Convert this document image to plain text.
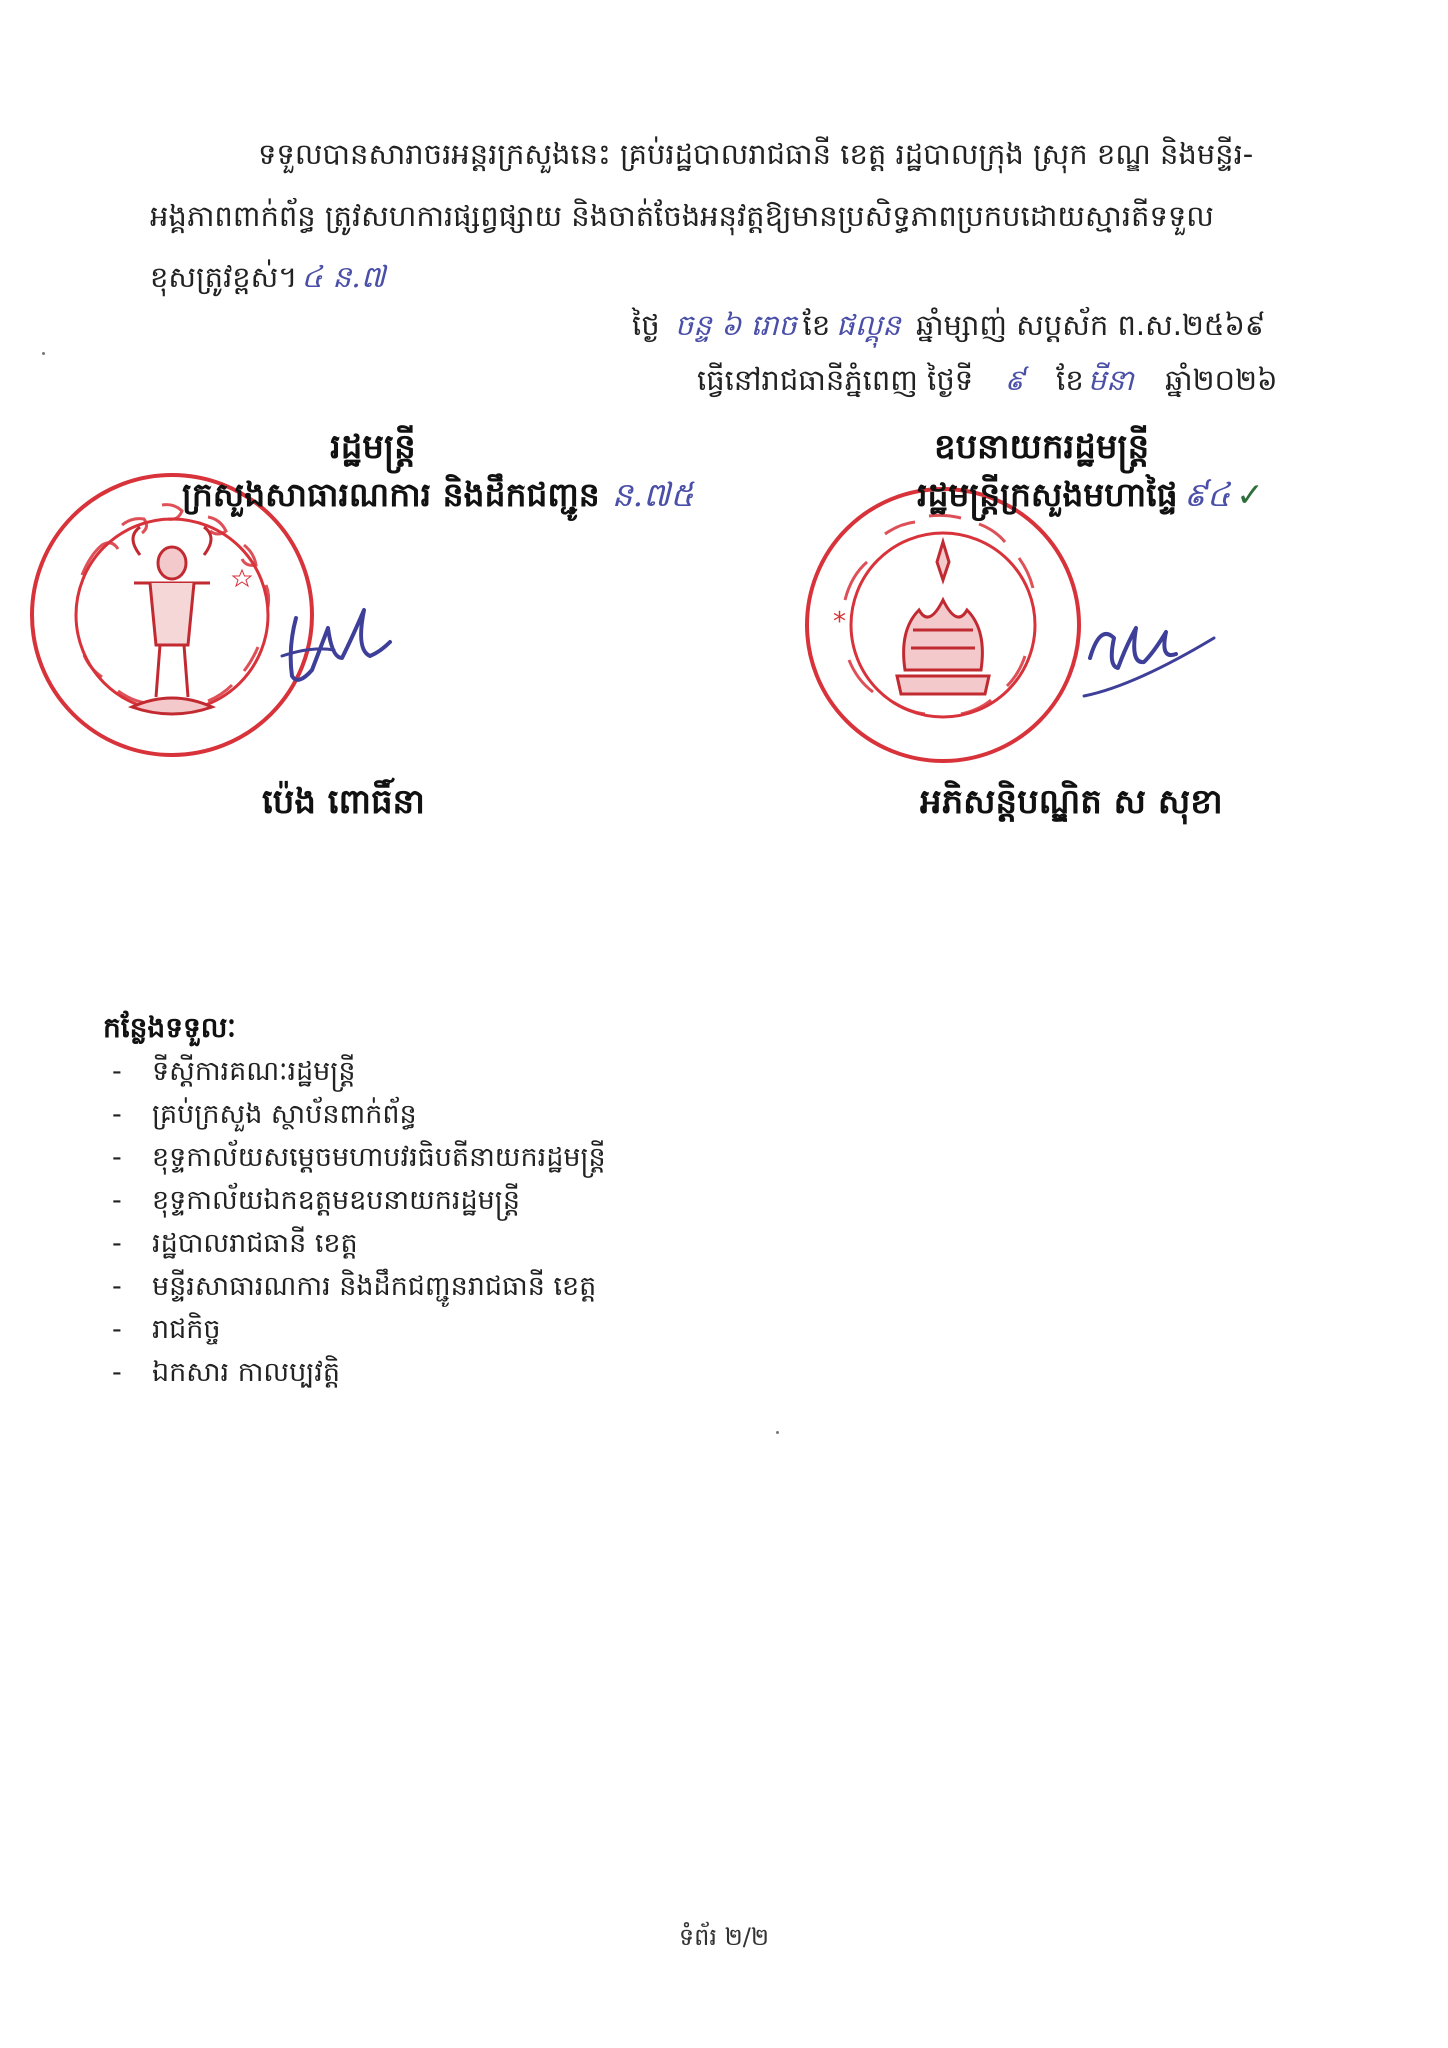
ទទួលបានសារាចរអន្តរក្រសួងនេះ គ្រប់រដ្ឋបាលរាជធានី ខេត្ត រដ្ឋបាលក្រុង ស្រុក ខណ្ឌ និងមន្ទីរ-
អង្គភាពពាក់ព័ន្ធ ត្រូវសហការផ្សព្វផ្សាយ និងចាត់ចែងអនុវត្តឱ្យមានប្រសិទ្ធភាពប្រកបដោយស្មារតីទទួល
ខុសត្រូវខ្ពស់។ ៤ ន.៧
ថ្ងៃ ចន្ទ ៦ រោច ខែ ផល្គុន ឆ្នាំម្សាញ់ សប្តស័ក ព.ស.២៥៦៩
ធ្វើនៅរាជធានីភ្នំពេញ ថ្ងៃទី ៩ ខែ មីនា ឆ្នាំ២០២៦
រដ្ឋមន្ត្រី	ឧបនាយករដ្ឋមន្ត្រី
*
ក្រសួងសាធារណការ និងដឹកជញ្ជូន ន.៧៥	រដ្ឋមន្ត្រីក្រសួងមហាផ្ទៃ ៩៤ ✓
ប៉េង ពោធិ៍នា	អភិសន្តិបណ្ឌិត ស សុខា
កន្លែងទទួលៈ
- ទីស្តីការគណៈរដ្ឋមន្ត្រី
- គ្រប់ក្រសួង ស្ថាប័នពាក់ព័ន្ធ
- ខុទ្ទកាល័យសម្តេចមហាបវរធិបតីនាយករដ្ឋមន្ត្រី
- ខុទ្ទកាល័យឯកឧត្តមឧបនាយករដ្ឋមន្ត្រី
- រដ្ឋបាលរាជធានី ខេត្ត
- មន្ទីរសាធារណការ និងដឹកជញ្ជូនរាជធានី ខេត្ត
- រាជកិច្ច
- ឯកសារ កាលប្បវត្តិ
ទំព័រ ២/២
